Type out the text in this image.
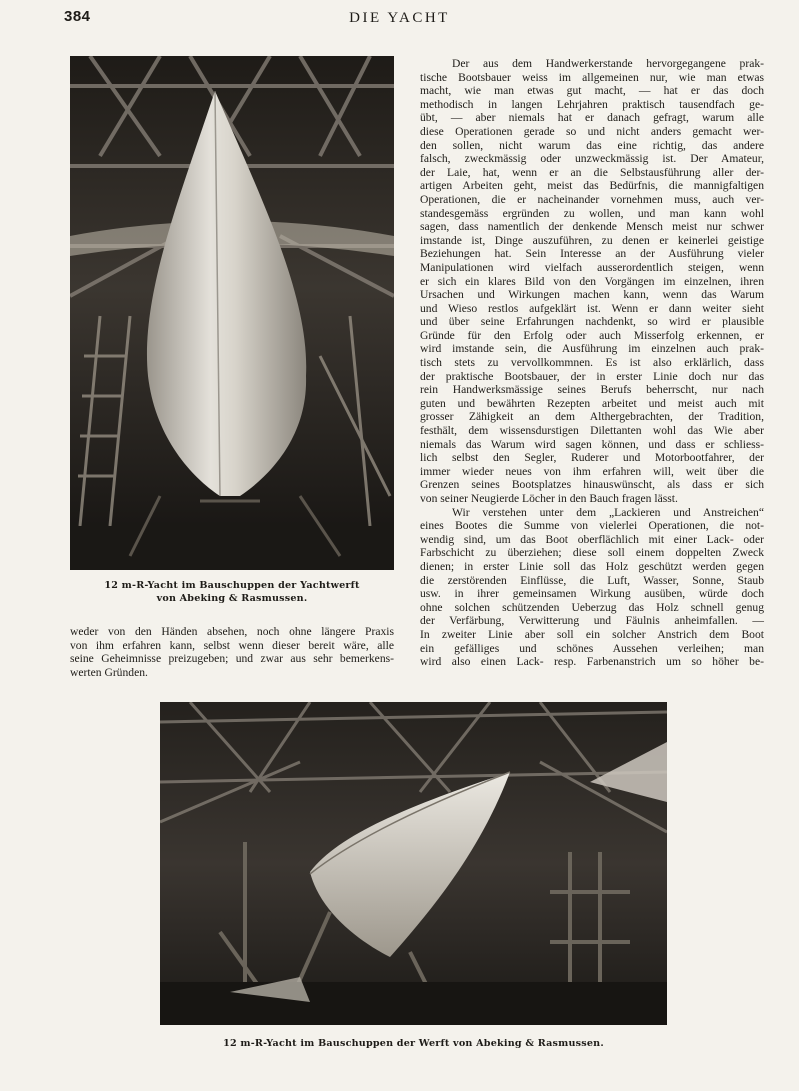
384	DIE YACHT
12 m-R-Yacht im Bauschuppen der Yachtwerft
von Abeking & Rasmussen.

Der aus dem Handwerkerstande hervorgegangene prak-

tische Bootsbauer weiss im allgemeinen nur, wie man etwas

macht, wie man etwas gut macht, — hat er das doch

methodisch in langen Lehrjahren praktisch tausendfach ge-

übt, — aber niemals hat er danach gefragt, warum alle

diese Operationen gerade so und nicht anders gemacht wer-

den sollen, nicht warum das eine richtig, das andere

falsch, zweckmässig oder unzweckmässig ist. Der Amateur,

der Laie, hat, wenn er an die Selbstausführung aller der-

artigen Arbeiten geht, meist das Bedürfnis, die mannigfaltigen

Operationen, die er nacheinander vornehmen muss, auch ver-

standesgemäss ergründen zu wollen, und man kann wohl

sagen, dass namentlich der denkende Mensch meist nur schwer

imstande ist, Dinge auszuführen, zu denen er keinerlei geistige

Beziehungen hat. Sein Interesse an der Ausführung vieler

Manipulationen wird vielfach ausserordentlich steigen, wenn

er sich ein klares Bild von den Vorgängen im einzelnen, ihren

Ursachen und Wirkungen machen kann, wenn das Warum

und Wieso restlos aufgeklärt ist. Wenn er dann weiter sieht

und über seine Erfahrungen nachdenkt, so wird er plausible

Gründe für den Erfolg oder auch Misserfolg erkennen, er

wird imstande sein, die Ausführung im einzelnen auch prak-

tisch stets zu vervollkommnen. Es ist also erklärlich, dass

der praktische Bootsbauer, der in erster Linie doch nur das

rein Handwerksmässige seines Berufs beherrscht, nur nach

guten und bewährten Rezepten arbeitet und meist auch mit

grosser Zähigkeit an dem Althergebrachten, der Tradition,

festhält, dem wissensdurstigen Dilettanten wohl das Wie aber

niemals das Warum wird sagen können, und dass er schliess-

lich selbst den Segler, Ruderer und Motorbootfahrer, der

immer wieder neues von ihm erfahren will, weit über die

Grenzen seines Bootsplatzes hinauswünscht, als dass er sich

von seiner Neugierde Löcher in den Bauch fragen lässt.

Wir verstehen unter dem „Lackieren und Anstreichen“

eines Bootes die Summe von vielerlei Operationen, die not-

wendig sind, um das Boot oberflächlich mit einer Lack- oder

Farbschicht zu überziehen; diese soll einem doppelten Zweck

dienen; in erster Linie soll das Holz geschützt werden gegen

die zerstörenden Einflüsse, die Luft, Wasser, Sonne, Staub

usw. in ihrer gemeinsamen Wirkung ausüben, würde doch

ohne solchen schützenden Ueberzug das Holz schnell genug

der Verfärbung, Verwitterung und Fäulnis anheimfallen. —

In zweiter Linie aber soll ein solcher Anstrich dem Boot

ein gefälliges und schönes Aussehen verleihen; man

wird also einen Lack- resp. Farbenanstrich um so höher be-

weder von den Händen absehen, noch ohne längere Praxis

von ihm erfahren kann, selbst wenn dieser bereit wäre, alle

seine Geheimnisse preizugeben; und zwar aus sehr bemerkens-

werten Gründen.

12 m-R-Yacht im Bauschuppen der Werft von Abeking & Rasmussen.
